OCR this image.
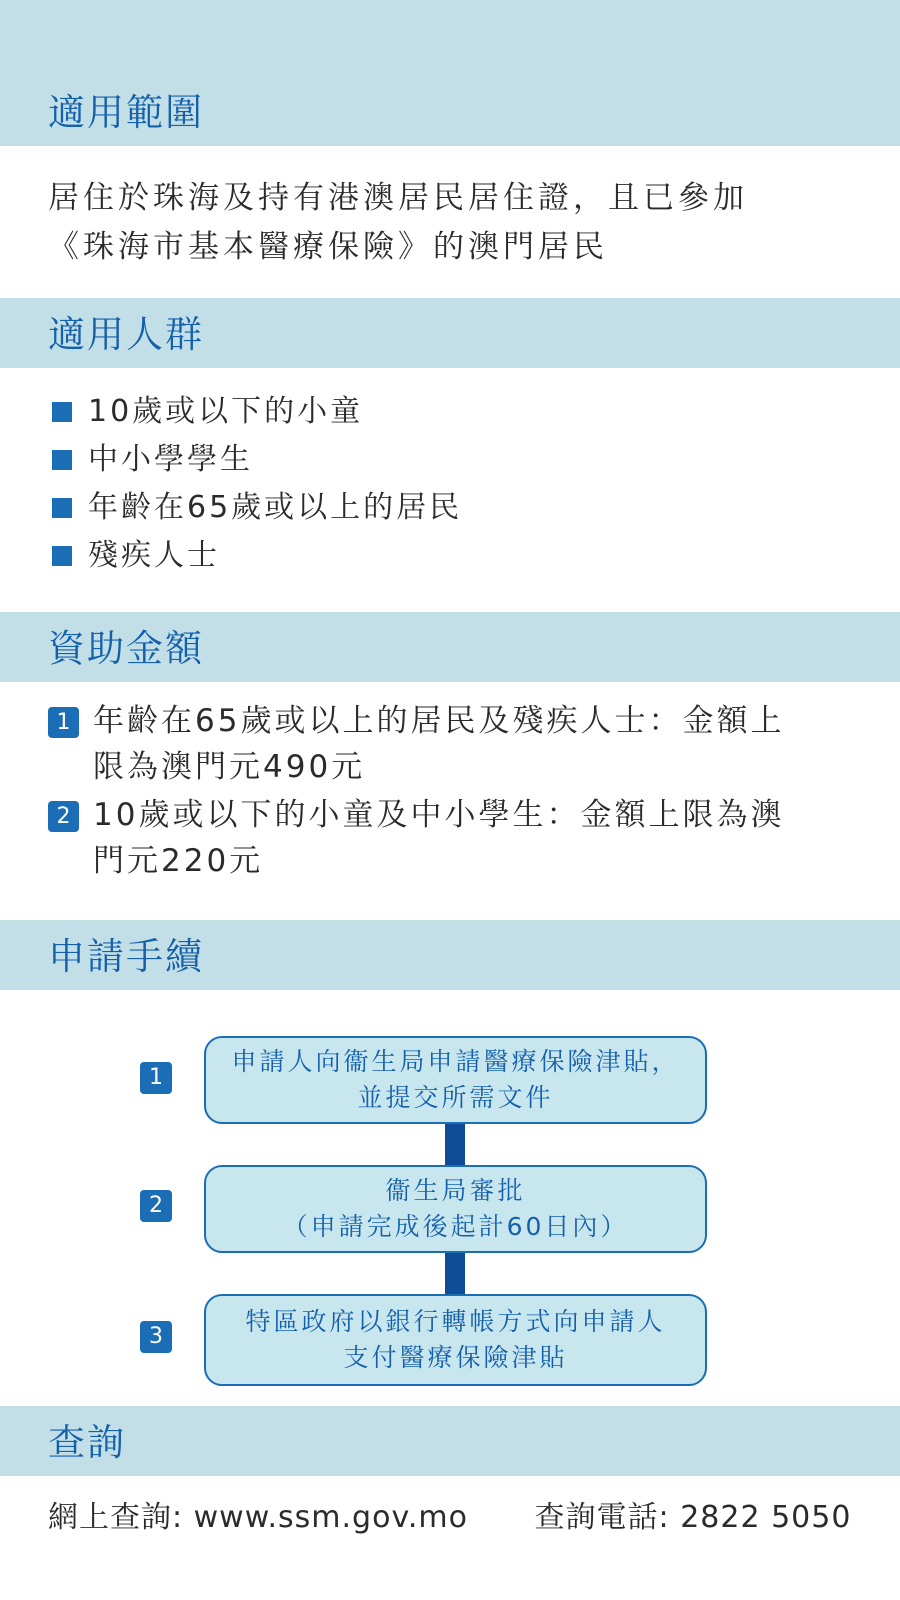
適用範圍

居住於珠海及持有港澳居民居住證，且已參加
《珠海市基本醫療保險》的澳門居民

適用人群
10歲或以下的小童
中小學學生
年齡在65歲或以上的居民
殘疾人士
資助金額
1 年齡在65歲或以上的居民及殘疾人士：金額上
限為澳門元490元

2 10歲或以下的小童及中小學生：金額上限為澳
門元220元

申請手續
1
申請人向衞生局申請醫療保險津貼，
並提交所需文件
2
衞生局審批
（申請完成後起計60日內）
3
特區政府以銀行轉帳方式向申請人
支付醫療保險津貼
查詢
網上查詢: www.ssm.gov.mo 查詢電話: 2822 5050
